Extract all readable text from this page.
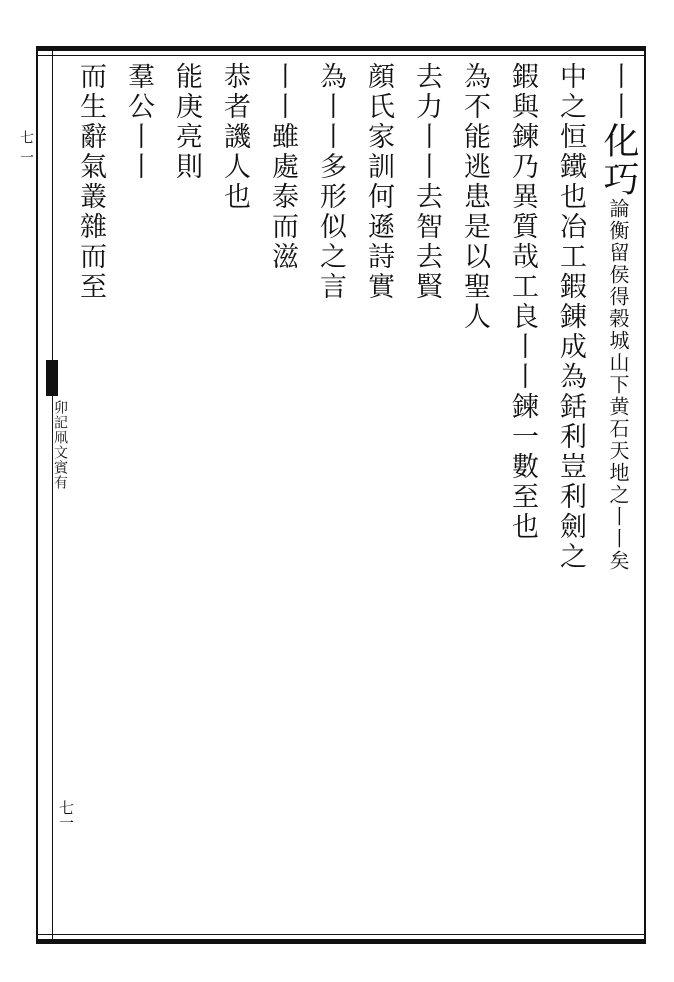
七一
卯記凧文賓有
七一
丨丨化巧論衡留侯得榖城山下黄石天地之丨丨矣
中之恒鐵也冶工鍜錬成為銛利豈利劍之
鍜與鍊乃異質哉工良丨丨鍊一數至也
為不能逃患是以聖人
去力丨丨去智去賢
顔氏家訓何遜詩實
為丨丨多形似之言
丨丨雖處泰而滋
恭者譏人也
能庚亮則
羣公丨丨
而生辭氣叢雜而至
